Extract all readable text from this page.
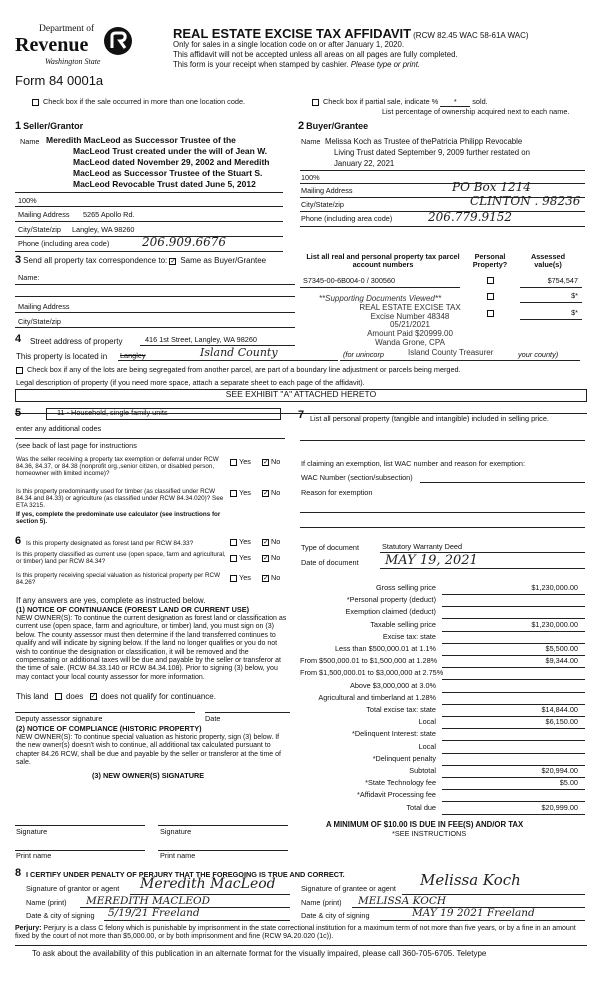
Department of
Revenue
Washington State
Form 84 0001a
REAL ESTATE EXCISE TAX AFFIDAVIT (RCW 82.45 WAC 58-61A WAC)
Only for sales in a single location code on or after January 1, 2020.
This affidavit will not be accepted unless all areas on all pages are fully completed.
This form is your receipt when stamped by cashier. Please type or print.
Check box if the sale occurred in more than one location code.	Check box if partial sale, indicate % * sold.
List percentage of ownership acquired next to each name.
1 Seller/Grantor
Name Meredith MacLeod as Successor Trustee of the
MacLeod Trust created under the will of Jean W.
MacLeod dated November 29, 2002 and Meredith
MacLeod as Successor Trustee of the Stuart S.
MacLeod Revocable Trust dated June 5, 2012
100%
Mailing Address 5265 Apollo Rd.
City/State/zip Langley, WA 98260
Phone (including area code)	206.909.6676
2 Buyer/Grantee
Name Melissa Koch as Trustee of thePatricia Philipp Revocable
Living Trust dated September 9, 2009 further restated on
January 22, 2021
100%
Mailing Address	PO Box 1214
City/State/zip	CLINTON . 98236
Phone (including area code)	206.779.9152
3 Send all property tax correspondence to: ✓ Same as Buyer/Grantee
Name:
Mailing Address
City/State/zip
List all real and personal property tax parcel account numbers
Personal Property?
Assessed value(s)
S7345-00-6B004-0 / 300560	$754,547
$*
$*
**Supporting Documents Viewed**
REAL ESTATE EXCISE TAX
Excise Number 48348
05/21/2021
Amount Paid $20999.00
Wanda Grone, CPA
4 Street address of property	416 1st Street, Langley, WA 98260
This property is located in Langley	Island County	(for unincorp	Island County Treasurer	your county)
Check box if any of the lots are being segregated from another parcel, are part of a boundary line adjustment or parcels being merged.
Legal description of property (if you need more space, attach a separate sheet to each page of the affidavit).
SEE EXHIBIT "A" ATTACHED HERETO
5	11 - Household, single family units
enter any additional codes
(see back of last page for instructions
Was the seller receiving a property tax exemption or deferral under RCW 84.36, 84.37, or 84.38 (nonprofit org.,senior citizen, or disabled person, homeowner with limited income)?
Yes ✓ No
Is this property predominantly used for timber (as classified under RCW 84.34 and 84.33) or agriculture (as classified under RCW 84.34.020)? See ETA 3215.
If yes, complete the predominate use calculator (see instructions for section 5).
Yes ✓ No
6 Is this property designated as forest land per RCW 84.33?
Is this property classified as current use (open space, farm and agricultural, or timber) land per RCW 84.34?
Is this property receiving special valuation as historical property per RCW 84.26?
Yes ✓ No
Yes ✓ No
Yes ✓ No
If any answers are yes, complete as instructed below.
(1) NOTICE OF CONTINUANCE (FOREST LAND OR CURRENT USE)
NEW OWNER(S): To continue the current designation as forest land or classification as current use (open space, farm and agriculture, or timber) land, you must sign on (3) below. The county assessor must then determine if the land transferred continues to qualify and will indicate by signing below. If the land no longer qualifies or you do not wish to continue the designation or classification, it will be removed and the compensating or additional taxes will be due and payable by the seller or transferor at the time of sale. (RCW 84.33.140 or RCW 84.34.108). Prior to signing (3) below, you may contact your local county assessor for more information.
This land does ✓ does not qualify for continuance.
Deputy assessor signature	Date
(2) NOTICE OF COMPLIANCE (HISTORIC PROPERTY)
NEW OWNER(S): To continue special valuation as historic property, sign (3) below. If the new owner(s) doesn't wish to continue, all additional tax calculated pursuant to chapter 84.26 RCW, shall be due and payable by the seller or transferor at the time of sale.
(3) NEW OWNER(S) SIGNATURE
Signature	Signature
Print name	Print name
7 List all personal property (tangible and intangible) included in selling price.
If claiming an exemption, list WAC number and reason for exemption:
WAC Number (section/subsection)
Reason for exemption
Type of document	Statutory Warranty Deed
Date of document MAY 19, 2021
Gross selling price	$1,230,000.00
*Personal property (deduct)
Exemption claimed (deduct)
Taxable selling price	$1,230,000.00
Excise tax: state
Less than $500,000.01 at 1.1%	$5,500.00
From $500,000.01 to $1,500,000 at 1.28%	$9,344.00
From $1,500,000.01 to $3,000,000 at 2.75%
Above $3,000,000 at 3.0%
Agricultural and timberland at 1.28%
Total excise tax: state	$14,844.00
Local	$6,150.00
*Delinquent Interest: state
Local
*Delinquent penalty
Subtotal	$20,994.00
*State Technology fee	$5.00
*Affidavit Processing fee
Total due	$20,999.00
A MINIMUM OF $10.00 IS DUE IN FEE(S) AND/OR TAX
*SEE INSTRUCTIONS
8 I CERTIFY UNDER PENALTY OF PERJURY THAT THE FOREGOING IS TRUE AND CORRECT.
Signature of grantor or agent Meredith MacLeod
Name (print) MEREDITH MACLEOD
Date & city of signing 5/19/21 Freeland
Signature of grantee or agent Melissa Koch
Name (print) MELISSA KOCH
Date & city of signing	MAY 19 2021 Freeland
Perjury: Perjury is a class C felony which is punishable by imprisonment in the state correctional institution for a maximum term of not more than five years, or by a fine in an amount fixed by the court of not more than $5,000.00, or by both imprisonment and fine (RCW 9A.20.020 (1c)).
To ask about the availability of this publication in an alternate format for the visually impaired, please call 360-705-6705. Teletype
